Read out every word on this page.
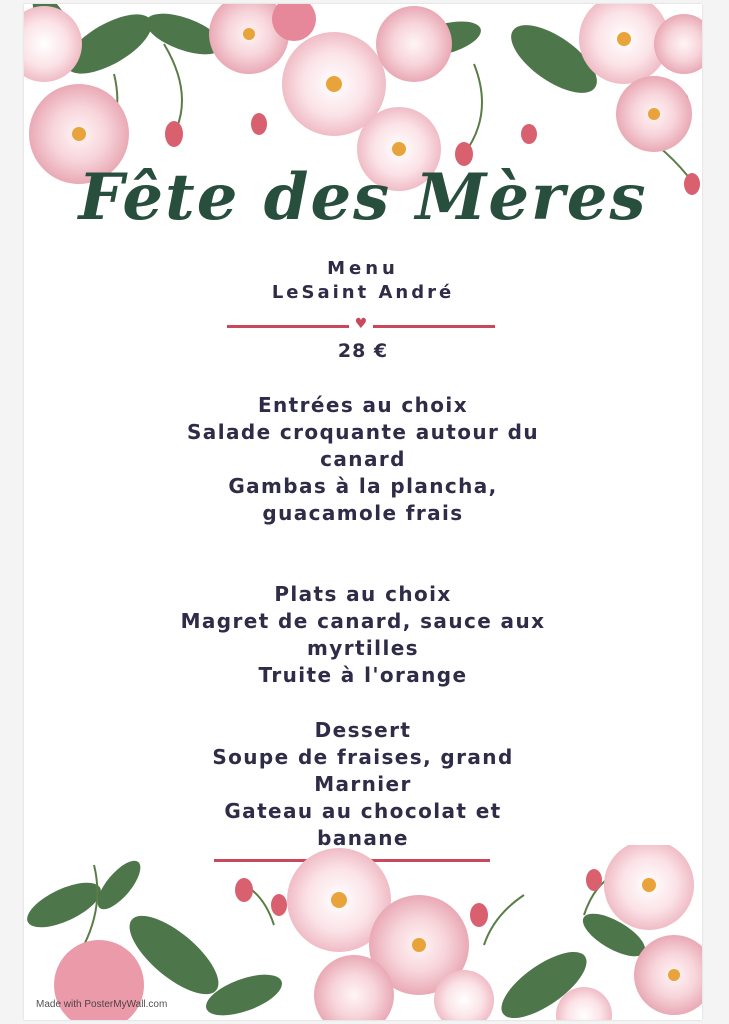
Fête des Mères
Menu
LeSaint André
♥
28 €
Entrées au choix
Salade croquante autour du
canard
Gambas à la plancha,
guacamole frais
Plats au choix
Magret de canard, sauce aux
myrtilles
Truite à l'orange
Dessert
Soupe de fraises, grand
Marnier
Gateau au chocolat et
banane
Made with PosterMyWall.com
